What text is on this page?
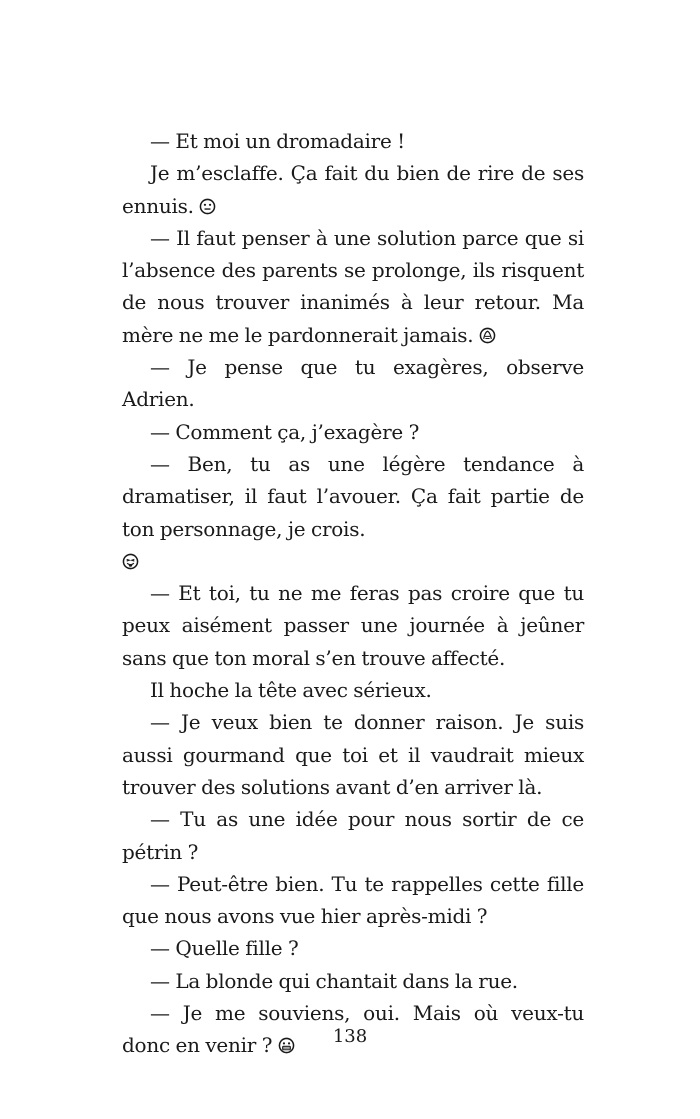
— Et moi un dromadaire !

Je m’esclaffe. Ça fait du bien de rire de ses ennuis.

— Il faut penser à une solution parce que si l’absence des parents se prolonge, ils risquent de nous trouver inanimés à leur retour. Ma mère ne me le pardonnerait jamais.

— Je pense que tu exagères, observe Adrien.

— Comment ça, j’exagère ?

— Ben, tu as une légère tendance à dramatiser, il faut l’avouer. Ça fait partie de ton personnage, je crois.

— Et toi, tu ne me feras pas croire que tu peux aisément passer une journée à jeûner sans que ton moral s’en trouve affecté.

Il hoche la tête avec sérieux.

— Je veux bien te donner raison. Je suis aussi gourmand que toi et il vaudrait mieux trouver des solutions avant d’en arriver là.

— Tu as une idée pour nous sortir de ce pétrin ?

— Peut-être bien. Tu te rappelles cette fille que nous avons vue hier après-midi ?

— Quelle fille ?

— La blonde qui chantait dans la rue.

— Je me souviens, oui. Mais où veux-tu donc en venir ?	138
